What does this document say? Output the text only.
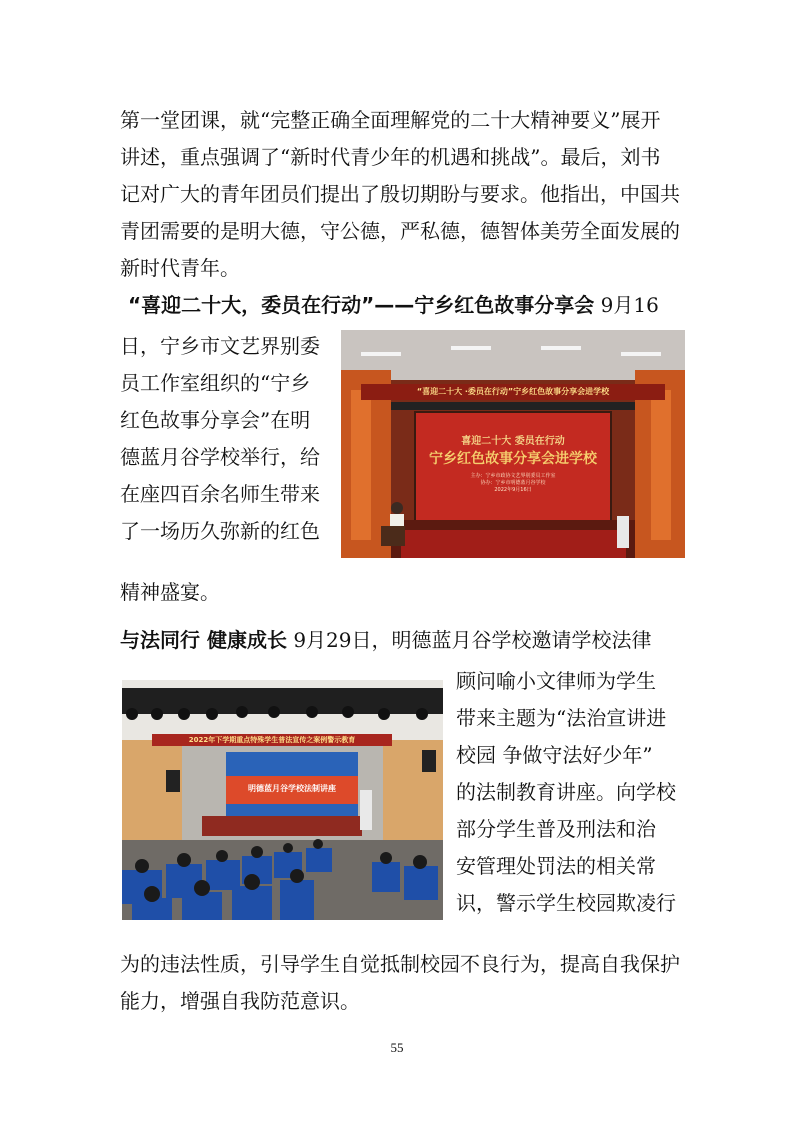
第一堂团课，就“完整正确全面理解党的二十大精神要义”展开
讲述，重点强调了“新时代青少年的机遇和挑战”。最后，刘书
记对广大的青年团员们提出了殷切期盼与要求。他指出，中国共
青团需要的是明大德，守公德，严私德，德智体美劳全面发展的
新时代青年。
“喜迎二十大，委员在行动”——宁乡红色故事分享会 9月16
日，宁乡市文艺界别委
员工作室组织的“宁乡
红色故事分享会”在明
德蓝月谷学校举行，给
在座四百余名师生带来
了一场历久弥新的红色
精神盛宴。
“喜迎二十大 ·委员在行动”宁乡红色故事分享会进学校
喜迎二十大 委员在行动
宁乡红色故事分享会进学校
主办：宁乡市政协文艺界别委员工作室
协办：宁乡市明德蓝月谷学校
2022年9月16日
与法同行 健康成长 9月29日，明德蓝月谷学校邀请学校法律
顾问喻小文律师为学生
带来主题为“法治宣讲进
校园 争做守法好少年”
的法制教育讲座。向学校
部分学生普及刑法和治
安管理处罚法的相关常
识，警示学生校园欺凌行
为的违法性质，引导学生自觉抵制校园不良行为，提高自我保护
能力，增强自我防范意识。
2022年下学期重点特殊学生普法宣传之案例警示教育
明德蓝月谷学校法制讲座
55
